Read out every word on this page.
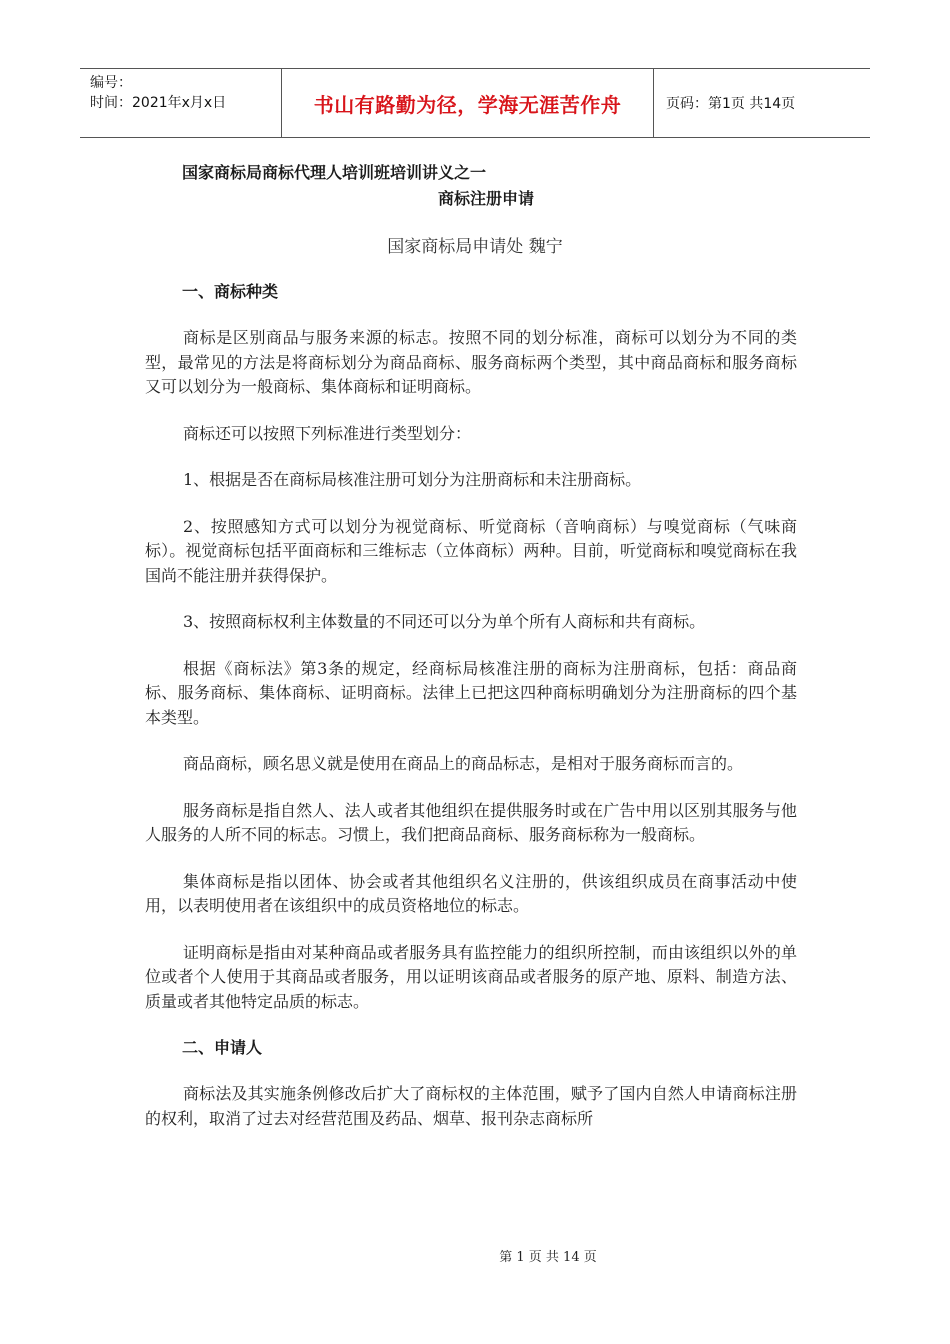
编号：
时间：2021年x月x日	书山有路勤为径，学海无涯苦作舟	页码：第1页 共14页
国家商标局商标代理人培训班培训讲义之一
商标注册申请
国家商标局申请处 魏宁
一、商标种类
商标是区别商品与服务来源的标志。按照不同的划分标准，商标可以划分为不同的类型，最常见的方法是将商标划分为商品商标、服务商标两个类型，其中商品商标和服务商标又可以划分为一般商标、集体商标和证明商标。
商标还可以按照下列标准进行类型划分：
1、根据是否在商标局核准注册可划分为注册商标和未注册商标。
2、按照感知方式可以划分为视觉商标、听觉商标（音响商标）与嗅觉商标（气味商标）。视觉商标包括平面商标和三维标志（立体商标）两种。目前，听觉商标和嗅觉商标在我国尚不能注册并获得保护。
3、按照商标权利主体数量的不同还可以分为单个所有人商标和共有商标。
根据《商标法》第3条的规定，经商标局核准注册的商标为注册商标，包括：商品商标、服务商标、集体商标、证明商标。法律上已把这四种商标明确划分为注册商标的四个基本类型。
商品商标，顾名思义就是使用在商品上的商品标志，是相对于服务商标而言的。
服务商标是指自然人、法人或者其他组织在提供服务时或在广告中用以区别其服务与他人服务的人所不同的标志。习惯上，我们把商品商标、服务商标称为一般商标。
集体商标是指以团体、协会或者其他组织名义注册的，供该组织成员在商事活动中使用，以表明使用者在该组织中的成员资格地位的标志。
证明商标是指由对某种商品或者服务具有监控能力的组织所控制，而由该组织以外的单位或者个人使用于其商品或者服务，用以证明该商品或者服务的原产地、原料、制造方法、质量或者其他特定品质的标志。
二、申请人
商标法及其实施条例修改后扩大了商标权的主体范围，赋予了国内自然人申请商标注册的权利，取消了过去对经营范围及药品、烟草、报刊杂志商标所
第 1 页 共 14 页
